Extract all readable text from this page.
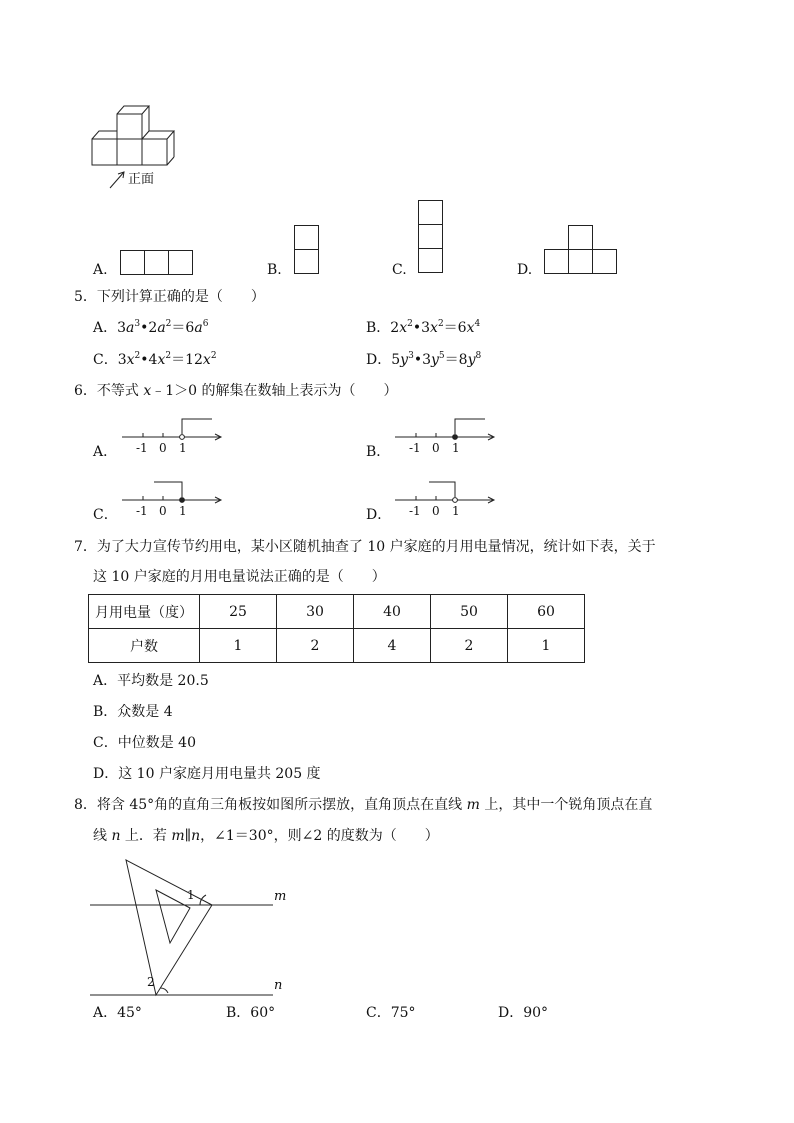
正面
A.	B.	C.	D.
5．下列计算正确的是（　　）
A．$3a^3•2a^2=6a^6$	B．$2x^2•3x^2=6x^4$
C．$3x^2•4x^2=12x^2$	D．$5y^3•3y^5=8y^8$
6．不等式 x﹣1＞0 的解集在数轴上表示为（　　）
A． -1 0 1	B． -1 0 1
C． -1 0 1	D． -1 0 1
7．为了大力宣传节约用电，某小区随机抽查了 10 户家庭的月用电量情况，统计如下表，关于
这 10 户家庭的月用电量说法正确的是（　　）
月用电量（度）	25	30	40	50	60
户数	1	2	4	2	1
A．平均数是 20.5
B．众数是 4
C．中位数是 40
D．这 10 户家庭月用电量共 205 度
8．将含 45°角的直角三角板按如图所示摆放，直角顶点在直线 m 上，其中一个锐角顶点在直
线 n 上．若 m∥n，∠1＝30°，则∠2 的度数为（　　）
m
n
1
2
A．45°	B．60°	C．75°	D．90°
